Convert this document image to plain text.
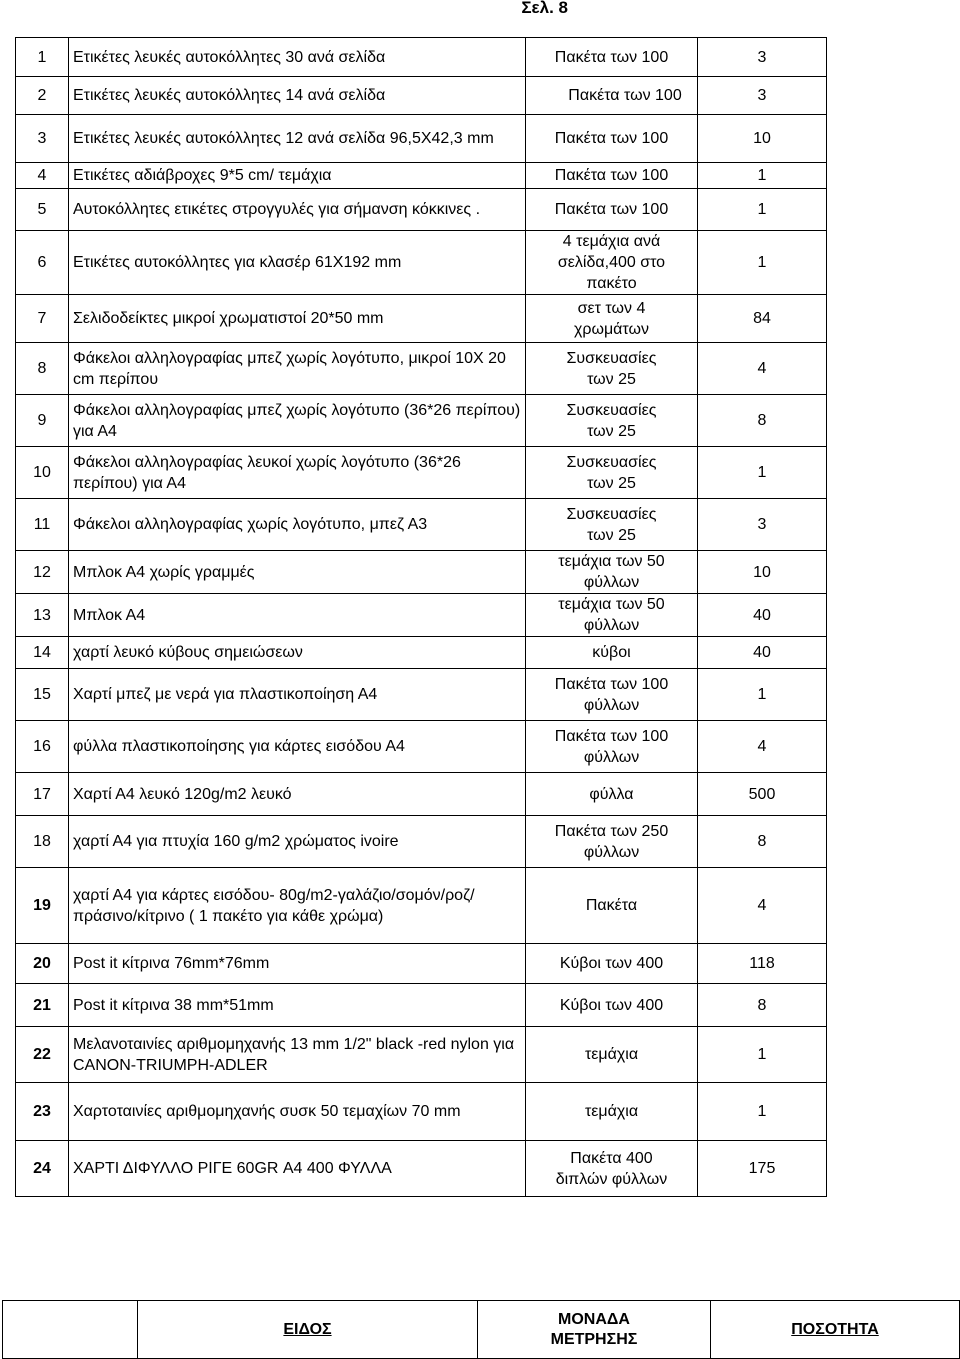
Σελ. 8
1	Ετικέτες λευκές αυτοκόλλητες 30 ανά σελίδα	Πακέτα των 100	3
2	Ετικέτες λευκές αυτοκόλλητες 14 ανά σελίδα	Πακέτα των 100	3
3	Ετικέτες λευκές αυτοκόλλητες 12 ανά σελίδα 96,5Χ42,3 mm	Πακέτα των 100	10
4	Ετικέτες αδιάβροχες 9*5 cm/ τεμάχια	Πακέτα των 100	1
5	Αυτοκόλλητες ετικέτες στρογγυλές για σήμανση κόκκινες .	Πακέτα των 100	1
6	Ετικέτες αυτοκόλλητες για κλασέρ 61Χ192 mm	4 τεμάχια ανά σελίδα,400 στο πακέτο	1
7	Σελιδοδείκτες μικροί χρωματιστοί 20*50 mm	σετ των 4 χρωμάτων	84
8	Φάκελοι αλληλογραφίας μπεζ χωρίς λογότυπο, μικροί 10Χ 20 cm περίπου	Συσκευασίες των 25	4
9	Φάκελοι αλληλογραφίας μπεζ χωρίς λογότυπο (36*26 περίπου) για Α4	Συσκευασίες των 25	8
10	Φάκελοι αλληλογραφίας λευκοί χωρίς λογότυπο (36*26 περίπου) για Α4	Συσκευασίες των 25	1
11	Φάκελοι αλληλογραφίας χωρίς λογότυπο, μπεζ Α3	Συσκευασίες των 25	3
12	Μπλοκ Α4 χωρίς γραμμές	τεμάχια των 50 φύλλων	10
13	Μπλοκ Α4	τεμάχια των 50 φύλλων	40
14	χαρτί λευκό κύβους σημειώσεων	κύβοι	40
15	Χαρτί μπεζ με νερά για πλαστικοποίηση Α4	Πακέτα των 100 φύλλων	1
16	φύλλα πλαστικοποίησης για κάρτες εισόδου Α4	Πακέτα των 100 φύλλων	4
17	Χαρτί Α4 λευκό 120g/m2 λευκό	φύλλα	500
18	χαρτί Α4 για πτυχία 160 g/m2 χρώματος ivoire	Πακέτα των 250 φύλλων	8
19	χαρτί Α4 για κάρτες εισόδου- 80g/m2-γαλάζιο/σομόν/ροζ/πράσινο/κίτρινο ( 1 πακέτο για κάθε χρώμα)	Πακέτα	4
20	Post it κίτρινα 76mm*76mm	Κύβοι των 400	118
21	Post it κίτρινα 38 mm*51mm	Κύβοι των 400	8
22	Μελανοταινίες αριθμομηχανής 13 mm 1/2" black -red nylon για CANON-TRIUMPH-ADLER	τεμάχια	1
23	Χαρτοταινίες αριθμομηχανής συσκ 50 τεμαχίων 70 mm	τεμάχια	1
24	ΧΑΡΤΙ ΔΙΦΥΛΛΟ ΡΙΓΕ 60GR Α4 400 ΦΥΛΛΑ	Πακέτα 400 διπλών φύλλων	175
	ΕΙΔΟΣ	ΜΟΝΑΔΑ ΜΕΤΡΗΣΗΣ	ΠΟΣΟΤΗΤΑ
